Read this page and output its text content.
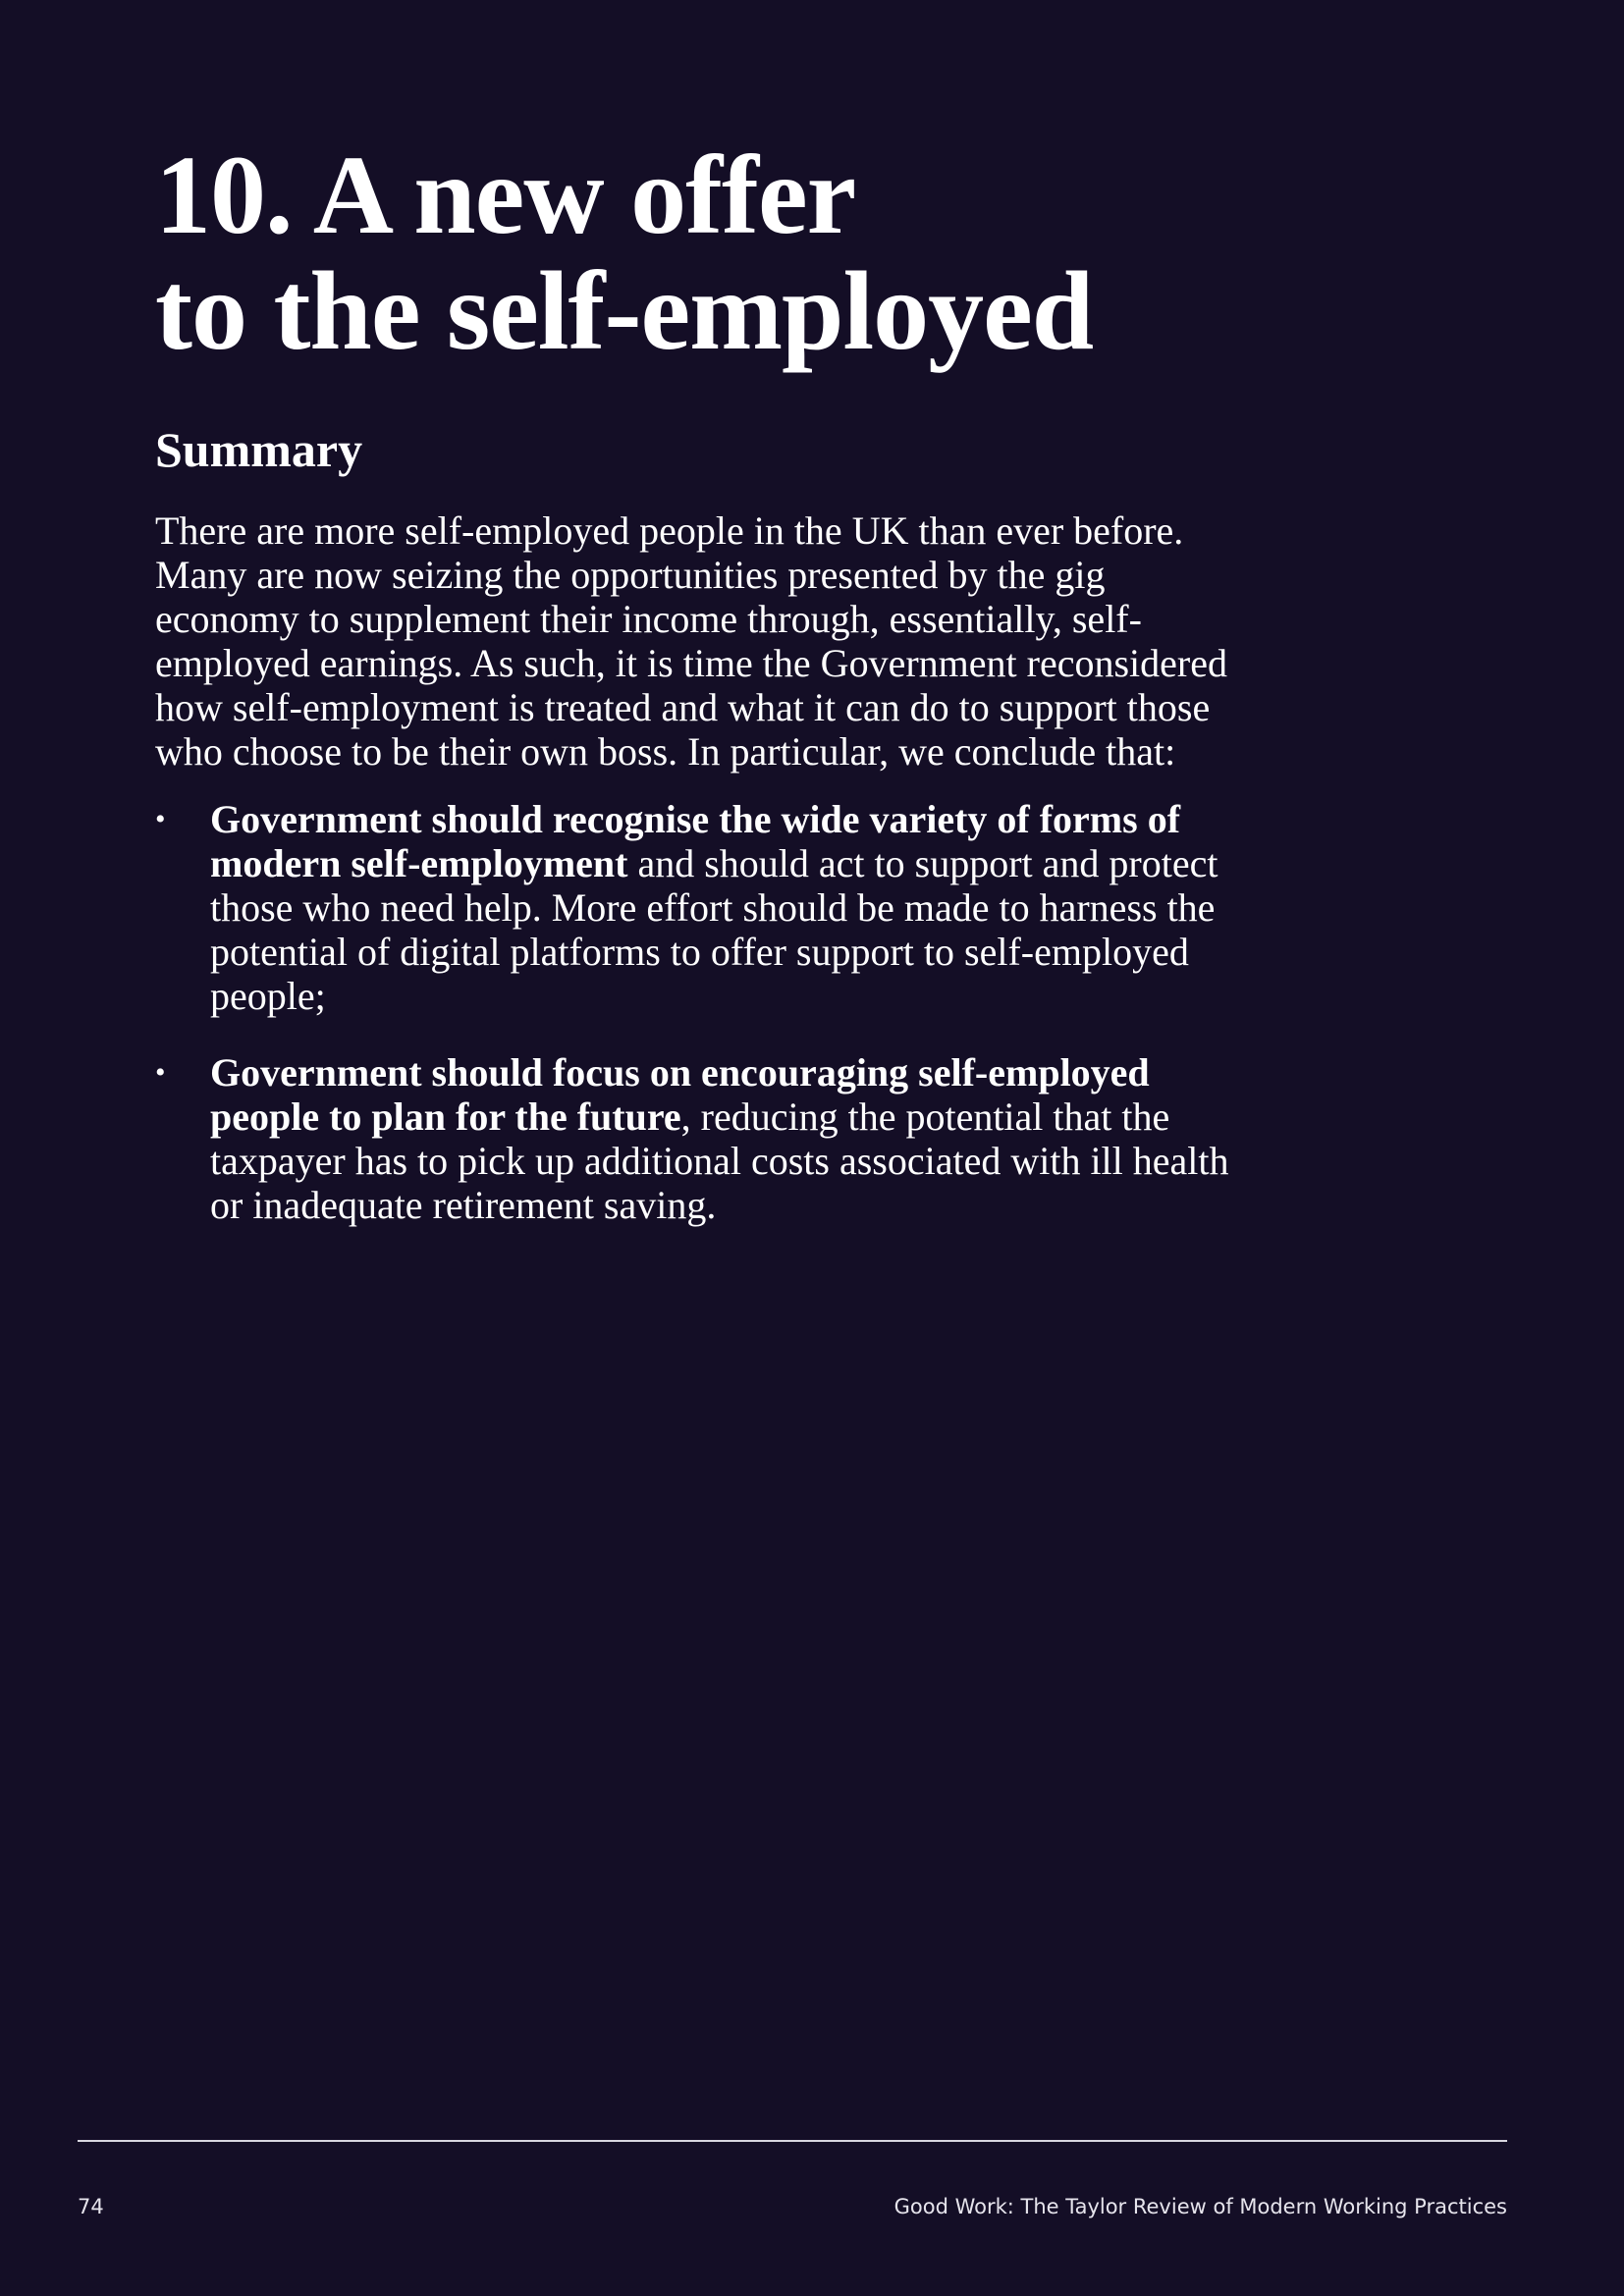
10. A new offer
to the self-employed
Summary

There are more self-employed people in the UK than ever before. Many are now seizing the opportunities presented by the gig economy to supplement their income through, essentially, self-employed earnings. As such, it is time the Government reconsidered how self-employment is treated and what it can do to support those who choose to be their own boss. In particular, we conclude that:

• Government should recognise the wide variety of forms of modern self-employment and should act to support and protect those who need help. More effort should be made to harness the potential of digital platforms to offer support to self-employed people;
• Government should focus on encouraging self-employed people to plan for the future, reducing the potential that the taxpayer has to pick up additional costs associated with ill health or inadequate retirement saving.
74	Good Work: The Taylor Review of Modern Working Practices
